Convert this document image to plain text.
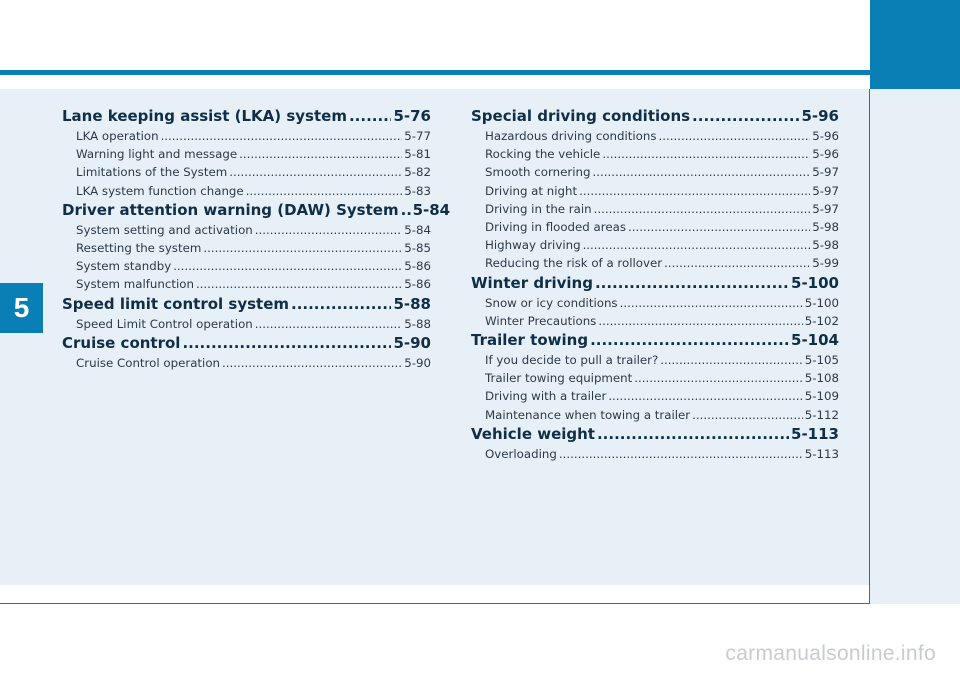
5
Lane keeping assist (LKA) system .....	5-76
LKA operation .....	5-77
Warning light and message .....	5-81
Limitations of the System .....	5-82
LKA system function change .....	5-83
Driver attention warning (DAW) System ..... 5-84
System setting and activation .....	5-84
Resetting the system .....	5-85
System standby .....	5-86
System malfunction .....	5-86
Speed limit control system .....	5-88
Speed Limit Control operation .....	5-88
Cruise control .....	5-90
Cruise Control operation .....	5-90
Special driving conditions .....	5-96
Hazardous driving conditions .....	5-96
Rocking the vehicle .....	5-96
Smooth cornering .....	5-97
Driving at night .....	5-97
Driving in the rain .....	5-97
Driving in flooded areas .....	5-98
Highway driving .....	5-98
Reducing the risk of a rollover .....	5-99
Winter driving .....	5-100
Snow or icy conditions .....	5-100
Winter Precautions .....	5-102
Trailer towing .....	5-104
If you decide to pull a trailer? .....	5-105
Trailer towing equipment .....	5-108
Driving with a trailer .....	5-109
Maintenance when towing a trailer .....	5-112
Vehicle weight .....	5-113
Overloading .....	5-113
carmanualsonline.info
